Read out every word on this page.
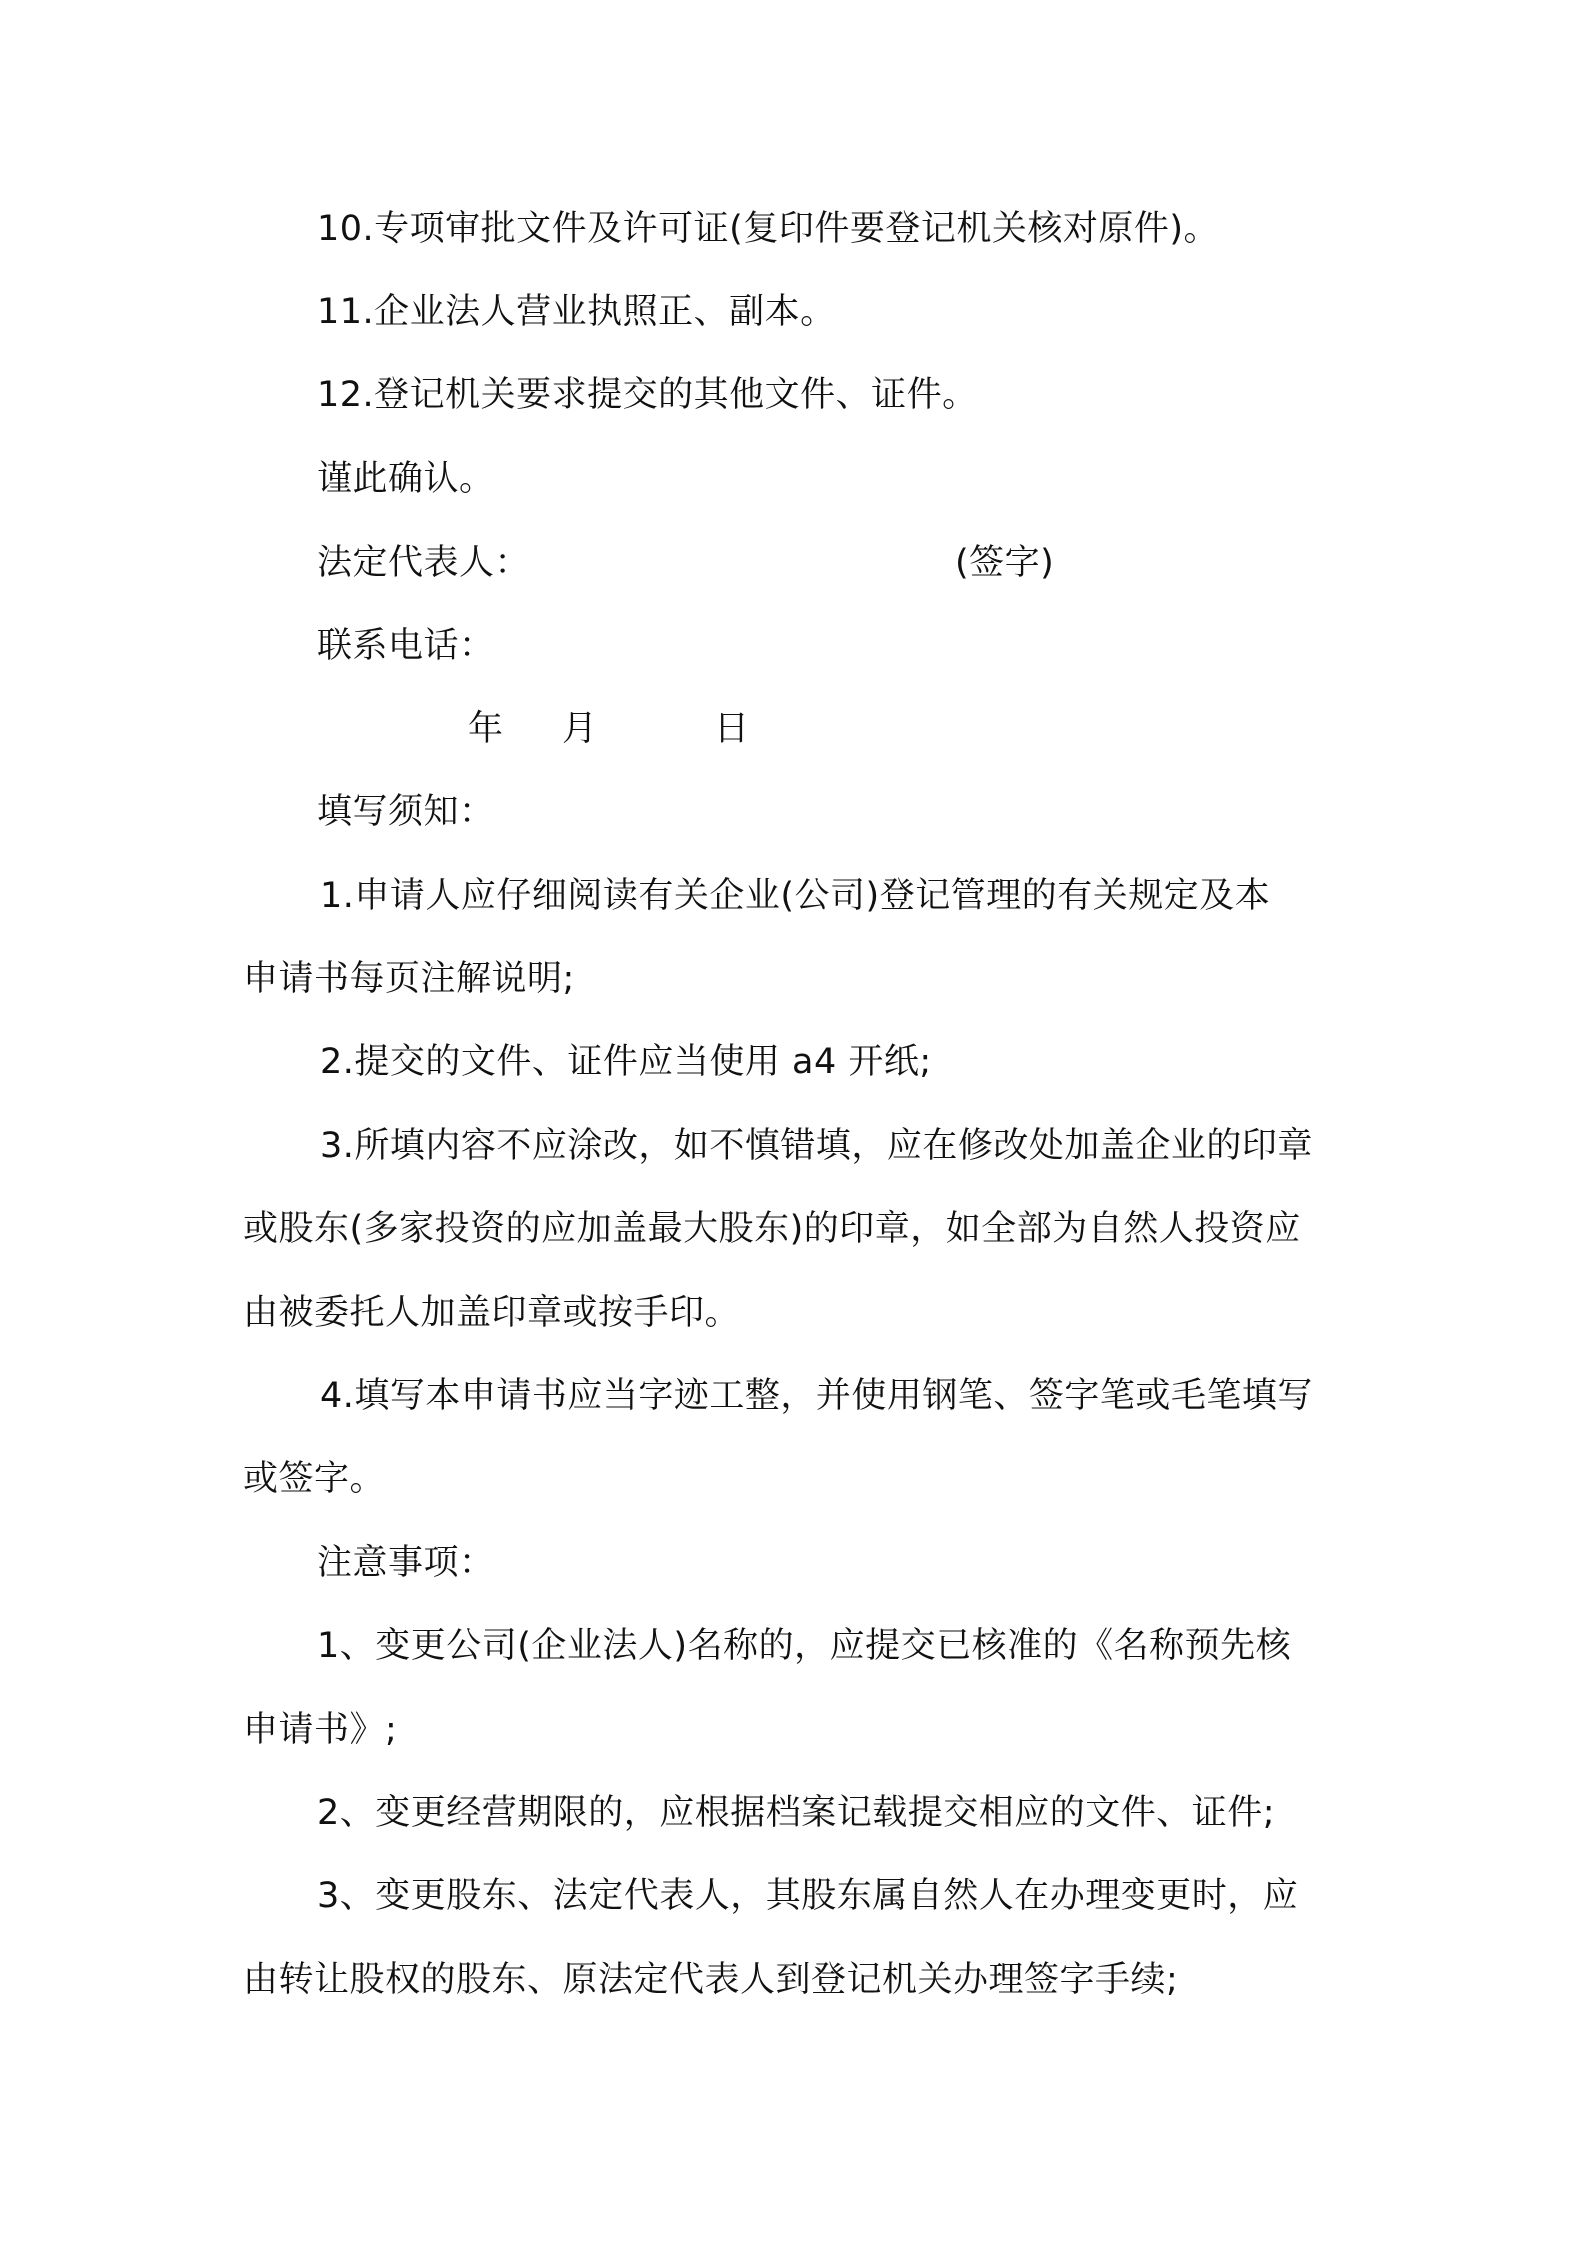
10.专项审批文件及许可证(复印件要登记机关核对原件)。
11.企业法人营业执照正、副本。
12.登记机关要求提交的其他文件、证件。
谨此确认。
法定代表人：	(签字)
联系电话：
年 月	日
填写须知：
1.申请人应仔细阅读有关企业(公司)登记管理的有关规定及本
申请书每页注解说明;
2.提交的文件、证件应当使用 a4 开纸;
3.所填内容不应涂改，如不慎错填，应在修改处加盖企业的印章
或股东(多家投资的应加盖最大股东)的印章，如全部为自然人投资应
由被委托人加盖印章或按手印。
4.填写本申请书应当字迹工整，并使用钢笔、签字笔或毛笔填写
或签字。
注意事项：
1、变更公司(企业法人)名称的，应提交已核准的《名称预先核
申请书》;
2、变更经营期限的，应根据档案记载提交相应的文件、证件;
3、变更股东、法定代表人，其股东属自然人在办理变更时，应
由转让股权的股东、原法定代表人到登记机关办理签字手续;
